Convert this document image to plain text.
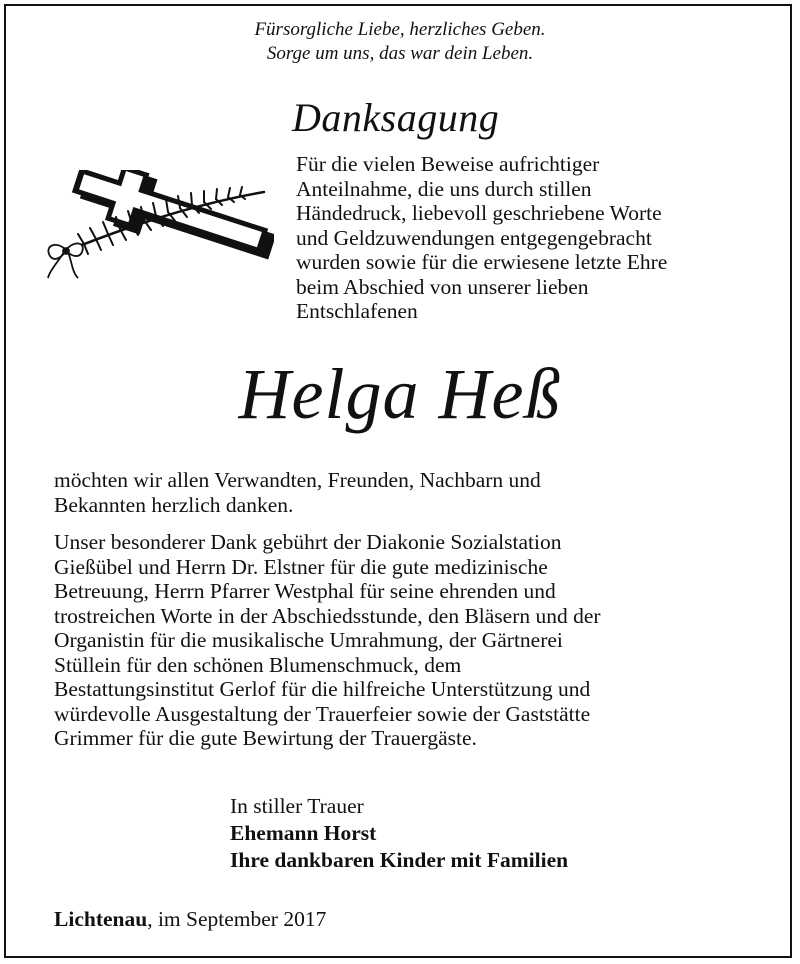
Fürsorgliche Liebe, herzliches Geben.
Sorge um uns, das war dein Leben.
Danksagung
Für die vielen Beweise aufrichtiger
Anteilnahme, die uns durch stillen
Händedruck, liebevoll geschriebene Worte
und Geldzuwendungen entgegengebracht
wurden sowie für die erwiesene letzte Ehre
beim Abschied von unserer lieben
Entschlafenen
Helga Heß
möchten wir allen Verwandten, Freunden, Nachbarn und
Bekannten herzlich danken.
Unser besonderer Dank gebührt der Diakonie Sozialstation
Gießübel und Herrn Dr. Elstner für die gute medizinische
Betreuung, Herrn Pfarrer Westphal für seine ehrenden und
trostreichen Worte in der Abschiedsstunde, den Bläsern und der
Organistin für die musikalische Umrahmung, der Gärtnerei
Stüllein für den schönen Blumenschmuck, dem
Bestattungsinstitut Gerlof für die hilfreiche Unterstützung und
würdevolle Ausgestaltung der Trauerfeier sowie der Gaststätte
Grimmer für die gute Bewirtung der Trauergäste.
In stiller Trauer
Ehemann Horst
Ihre dankbaren Kinder mit Familien
Lichtenau, im September 2017
